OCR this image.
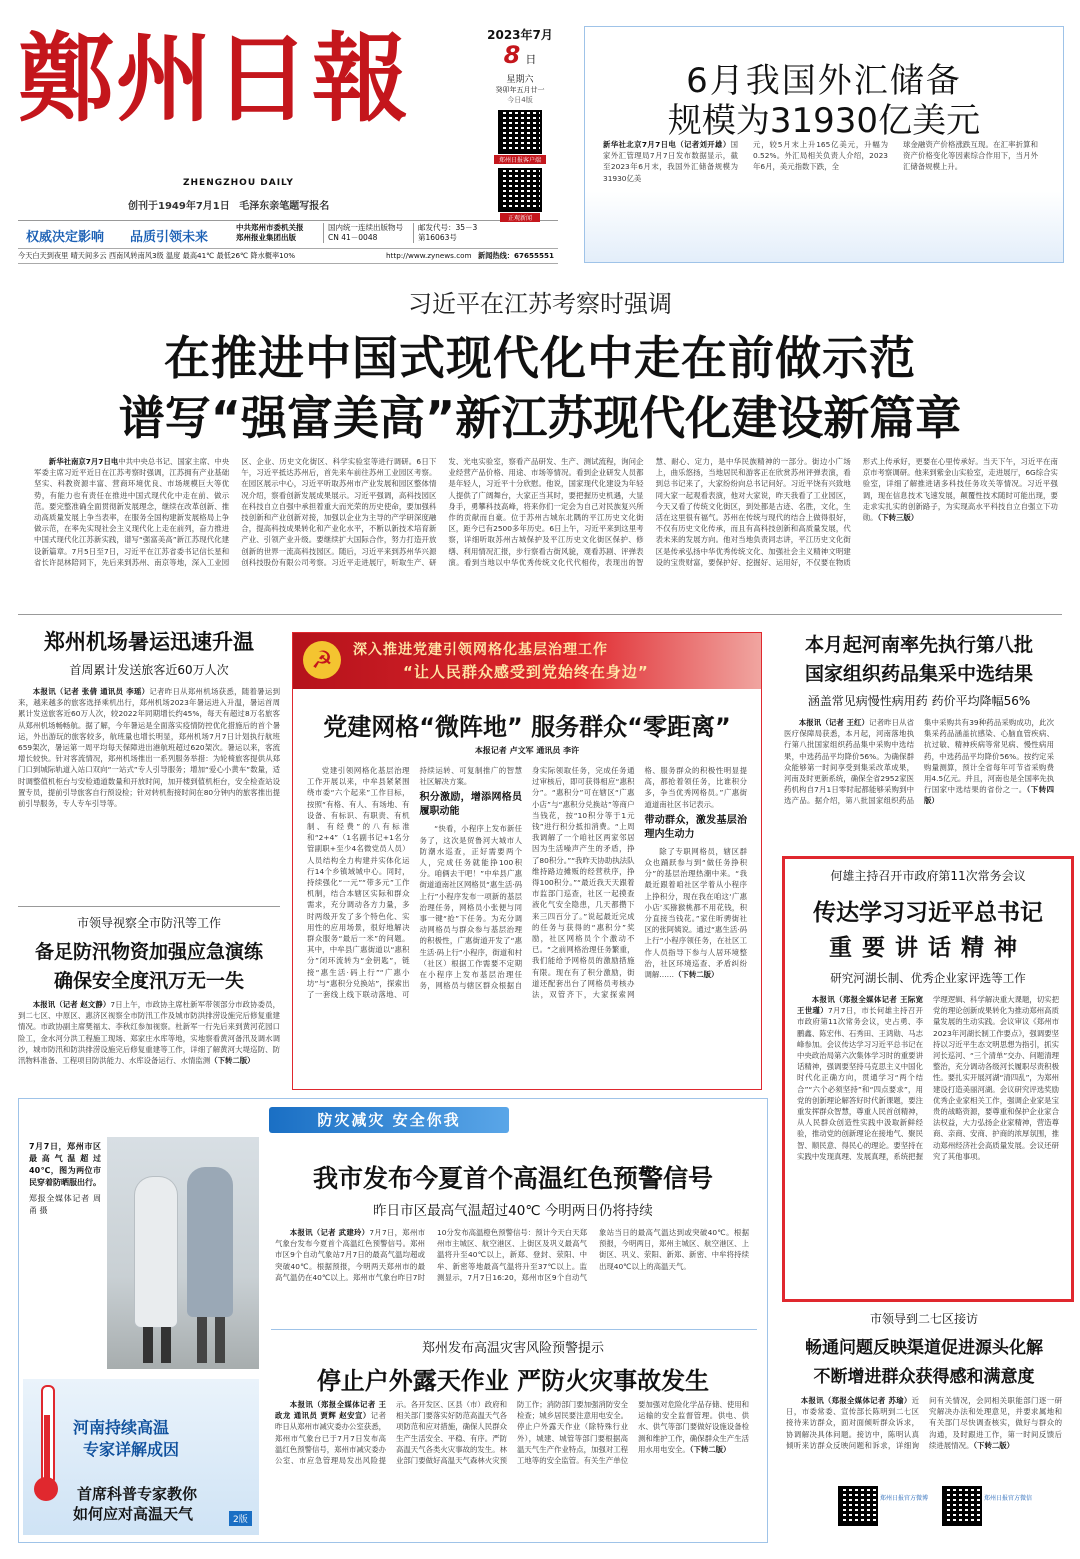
鄭 州 日 報
ZHENGZHOU DAILY
创刊于1949年7月1日 毛泽东亲笔题写报名
权威决定影响 品质引领未来
中共郑州市委机关报
郑州报业集团出版
国内统一连续出版物号
CN 41－0048
邮发代号：35－3
第16063号
2023年7月
8 日
星期六
癸卯年五月廿一
今日4版
郑州日报客户端
正观新闻
今天白天到夜里 晴天间多云 西南风转南风3级 温度 最高41℃ 最低26℃ 降水概率10%	http://www.zynews.com 新闻热线：67655551
6月我国外汇储备
规模为31930亿美元
新华社北京7月7日电（记者刘开雄）国家外汇管理局7月7日发布数据显示，截至2023年6月末，我国外汇储备规模为31930亿美
元，较5月末上升165亿美元，升幅为0.52%。外汇局相关负责人介绍，2023年6月，美元指数下跌，全
球金融资产价格涨跌互现。在汇率折算和资产价格变化等因素综合作用下，当月外汇储备规模上升。
习近平在江苏考察时强调
在推进中国式现代化中走在前做示范
谱写“强富美高”新江苏现代化建设新篇章

新华社南京7月7日电中共中央总书记、国家主席、中央军委主席习近平近日在江苏考察时强调，江苏拥有产业基础坚实、科教资源丰富、营商环境优良、市场规模巨大等优势，有能力也有责任在推进中国式现代化中走在前、做示范。要完整准确全面贯彻新发展理念，继续在改革创新、推动高质量发展上争当表率，在服务全国构建新发展格局上争做示范，在率先实现社会主义现代化上走在前列，奋力推进中国式现代化江苏新实践，谱写“强富美高”新江苏现代化建设新篇章。7月5日至7日，习近平在江苏省委书记信长星和省长许昆林陪同下，先后来到苏州、南京等地，深入工业园区、企业、历史文化街区、科学实验室等进行调研。6日下午，习近平抵达苏州后，首先来车前往苏州工业园区考察。在园区展示中心，习近平听取苏州市产业发展和园区整体情况介绍，察看创新发展成果展示。习近平强调，高科技园区在科技自立自强中承担着重大而光荣的历史使命，要加强科技创新和产业创新对接，加强以企业为主导的产学研深度融合，提高科技成果转化和产业化水平，不断以新技术培育新产业、引领产业升级。要继续扩大国际合作，努力打造开放创新的世界一流高科技园区。随后，习近平来到苏州华兴源创科技股份有限公司考察。习近平走进展厅，听取生产、研发、光电实验室，察看产品研发、生产、测试流程，询问企业经营产品价格、用途、市场等情况。看到企业研发人员都是年轻人，习近平十分欣慰。他说，国家现代化建设为年轻人提供了广阔舞台，大家正当其时，要把握历史机遇，大显身手，勇攀科技高峰，将来你们一定会为自己对民族复兴所作的贡献而自豪。位于苏州古城东北隅的平江历史文化街区，距今已有2500多年历史。6日上午，习近平来到这里考察，详细听取苏州古城保护及平江历史文化街区保护、修缮、利用情况汇报，步行察看古街风貌，观看苏剧、评弹表演。看到当地以中华优秀传统文化代代相传，表现出的智慧、耐心、定力，是中华民族精神的一部分。街边小广场上，曲乐悠扬，当地居民和游客正在欣赏苏州评弹表演，看到总书记来了，大家纷纷向总书记问好。习近平饶有兴致地同大家一起观看表演，他对大家说，昨天我看了工业园区，今天又看了传统文化街区，到处都是古迹、名胜，文化，生活在这里很有福气。苏州在传统与现代的结合上做得很好，不仅有历史文化传承，而且有高科技创新和高质量发展，代表未来的发展方向。他对当地负责同志讲，平江历史文化街区是传承弘扬中华优秀传统文化、加强社会主义精神文明建设的宝贵财富，要保护好、挖掘好、运用好，不仅要在物质形式上传承好，更要在心里传承好。当天下午，习近平在南京市考察调研。他来到紫金山实验室，走进展厅，6G综合实验室，详细了解推进诸多科技任务攻关等情况。习近平强调，现在信息技术飞速发展，颠覆性技术随时可能出现，要走求实扎实的创新路子，为实现高水平科技自立自强立下功勋。（下转三版）

郑州机场暑运迅速升温
首周累计发送旅客近60万人次

本报讯（记者 张倩 通讯员 李瑶）记者昨日从郑州机场获悉，随着暑运到来，越来越多的旅客选择乘机出行，郑州机场2023年暑运进入升温，暑运首周累计发送旅客近60万人次，较2022年同期增长约45%，每天有超过8万名旅客从郑州机场畅畅航。据了解，今年暑运是全面落实疫情防控优化措施后的首个暑运，外出游玩的旅客较多，航班量也增长明显，郑州机场7月7日计划执行航班659架次，暑运第一周平均每天保障进出港航班超过620架次。暑运以来，客流增长较快。针对客流情况，郑州机场推出一系列服务举措：为轮椅旅客提供从郑门口到城际轨道入站口双向“一站式”专人引导服务；增加“爱心小黄车”数量，适时调整值机柜台与安检通道数量和开放时间，加开楼到值机柜台，安全检查站设置专员，提前引导旅客自行预设检；针对转机衔接时间在80分钟内的旅客推出提前引导服务，专人专车引导等。

市领导视察全市防汛等工作
备足防汛物资加强应急演练
确保安全度汛万无一失

本报讯（记者 赵文静）7日上午，市政协主席杜新军带领部分市政协委员，到二七区、中原区、惠济区视察全市防汛工作及城市防洪排涝设施完后修复重建情况。市政协副主席樊福太、李秋红参加视察。杜新军一行先后来到黄河花园口险工，金水河分洪工程施工现场、郑家庄水库等地，实地察看黄河备汛及调水调沙，城市防汛和防洪排涝设施完后修复重建等工作，详细了解黄河大堤巡防、防汛物料准备、工程项目防洪能力、水库设备运行、水情监测（下转二版）

☭	深入推进党建引领网格化基层治理工作
“让人民群众感受到党始终在身边”
党建网格“微阵地” 服务群众“零距离”
本报记者 卢文军 通讯员 李许

党建引领网格化基层治理工作开展以来，中牟县紧紧围绕市委“六个起来”工作目标，按照“有格、有人、有场地、有设备、有标识、有职责、有机制、有经费”的八有标准和“2+4”（1名副书记+1名分管副职+至少4名微党员人员）人员结构全力构建并实体化运行14个乡镇域城中心。同时，持续强化“一元”“带多元”工作机制，结合本辖区实际和群众需求，充分调动各方力量，多时两级开发了多个特色化、实用性的应用场景，很好地解决群众服务“最后一米”的问题。其中，中牟县广惠街道以“惠积分”闭环流转为“金钥匙”，链接“惠生活·码上行”“广惠小坊”与“惠积分兑换站”，探索出了一套线上线下联动落地、可持续运转、可复制推广的智慧社区解决方案。

积分激励，增添网格员履职动能

“快看，小程序上发布新任务了，这次是贸鲁河大城市人防潮水巡查，正好需要两个人，完成任务就能挣100积分。咱俩去干吧！”中牟县广惠街道道南社区网格员“惠生活·码上行”小程序发布一项新的基层治理任务，网格员小张便与同事一键“抢”下任务。为充分调动网格员与群众参与基层治理的积极性，广惠街道开发了“惠生活·码上行”小程序，街道和村（社区）根据工作需要不定期在小程序上发布基层治理任务，网格员与辖区群众根据自身实际领取任务，完成任务通过审核后，即可获得相应“惠积分”。“惠积分”可在辖区“广惠小店”与“惠积分兑换站”等商户当钱花，按“10积分等于1元钱”进行积分抵扣消费。“上周我调解了一个咱社区两家邻居因为生活噪声产生的矛盾，挣了80积分。”“我昨天协助执法队维持路边摊贩的经营秩序，挣得100积分。”“最近我天天跟着市监部门巡查，社区一起摸查液化气安全隐患，几天都攒下来三四百分了。”说起最近完成的任务与获得的“惠积分”奖励，社区网格员个个激动不已。“之前网格治理任务繁重，我们能给予网格员的激励措施有限。现在有了积分激励，街道还配套出台了网格员考核办法，双管齐下，大家探索网格、服务群众的积极性明显提高，都抢着领任务，比谁积分多，争当优秀网格员。”广惠街道道南社区书记表示。

带动群众，激发基层治理内生动力

除了专职网格员，辖区群众也踊跃参与到“做任务挣积分”的基层治理热潮中来。“我最近跟着咱社区学着从小程序上挣积分，现在我在咱这‘广惠小店’买猕猴桃都不用花钱，积分直接当钱花。”家住昕骋街社区的张阿姨说。通过“惠生活·码上行”小程序领任务，在社区工作人员指导下参与人居环境整治，社区环境巡查、矛盾纠纷调解……（下转二版）

本月起河南率先执行第八批
国家组织药品集采中选结果
涵盖常见病慢性病用药 药价平均降幅56%

本报讯（记者 王红）记者昨日从省医疗保障局获悉，本月起，河南落地执行第八批国家组织药品集中采购中选结果，中选药品平均降价56%。为确保群众能够第一时间享受到集采改革成果，河南及时更新系统，确保全省2952家医药机构自7月1日零时起都能够采购到中选产品。据介绍，第八批国家组织药品集中采购共有39种药品采购成功，此次集采药品涵盖抗感染、心脑血管疾病、抗过敏、精神疾病等常见病、慢性病用药，中选药品平均降价56%。按约定采购量测算，预计全省每年可节省采购费用4.5亿元。并且，河南也是全国率先执行国家中选结果的省份之一。（下转四版）

何雄主持召开市政府第11次常务会议
传达学习习近平总书记
重要讲话精神
研究河湖长制、优秀企业家评选等工作

本报讯（郑报全媒体记者 王际宽 王世瑾）7月7日，市长何雄主持召开市政府第11次常务会议，史占勇、李鹏鑫、陈宏伟、石秀田、王鸿勋、马志峰参加。会议传达学习习近平总书记在中央政治局第六次集体学习时的重要讲话精神，强调要坚持马克思主义中国化时代化正确方向，贯通学习“两个结合”“六个必须坚持”和“四点要求”，用党的创新理论解答好时代新课题，要注重发挥群众智慧，尊重人民首创精神，从人民群众创造性实践中汲取新鲜经验，推动党的创新理论在接地气、聚民智、顺民意、得民心的理论。要坚持在实践中发现真理、发展真理，系统把握学理逻辑、科学解决重大课题，切实把党的理论创新成果转化为推动郑州高质量发展的生动实践。会议审议《郑州市2023年河湖长制工作要点》，强调要坚持以习近平生态文明思想为指引，抓实河长巡河、“三个清单”交办、问题清理整治，充分调动各级河长履职尽责积极性。要扎实开展河湖“清四乱”，为郑州建设打造美丽河湖。会议研究评选奖励优秀企业家相关工作，强调企业家是宝贵的战略资源，要尊重和保护企业家合法权益，大力弘扬企业家精神，营造尊商、亲商、安商、护商的浓厚氛围，推动郑州经济社会高质量发展。会议还研究了其他事项。

防灾减灾 安全你我

7月7日，郑州市区最高气温超过40℃，图为两位市民穿着防晒服出行。

郑报全媒体记者 周甬 摄

我市发布今夏首个高温红色预警信号
昨日市区最高气温超过40℃ 今明两日仍将持续

本报讯（记者 武建玲）7月7日，郑州市气象台发布今夏首个高温红色预警信号。郑州市区9个自动气象站7月7日的最高气温均超或突破40℃。根据预报，今明两天郑州市的最高气温仍在40℃以上。郑州市气象台昨日7时10分发布高温橙色预警信号：预计今天白天郑州市主城区、航空港区、上街区及巩义最高气温将升至40℃以上，新郑、登封、荥阳、中牟、新密等地最高气温将升至37℃以上。监测显示，7月7日16:20，郑州市区9个自动气象站当日的最高气温达到或突破40℃。根据预报，今明两日，郑州主城区、航空港区、上街区、巩义、荥阳、新郑、新密、中牟将持续出现40℃以上的高温天气。

郑州发布高温灾害风险预警提示
停止户外露天作业 严防火灾事故发生

本报讯（郑报全媒体记者 王政龙 通讯员 贾辉 赵安宣）记者昨日从郑州市减灾委办公室获悉，郑州市气象台已于7月7日发布高温红色预警信号，郑州市减灾委办公室、市应急管理局发出风险提示。各开发区、区县（市）政府和相关部门要落实好防范高温天气各项防范和应对措施，确保人民群众生产生活安全、平稳、有序。严防高温天气各类火灾事故的发生。林业部门要做好高温天气森林火灾预防工作；消防部门要加强消防安全检查；城乡居民要注意用电安全。停止户外露天作业（除特殊行业外），城建、城管等部门要根据高温天气生产作业特点，加强对工程工地等的安全监管。有关生产单位要加强对危险化学品存储、使用和运输的安全监督管理。供电、供水、供气等部门要做好设施设备检测和维护工作，确保群众生产生活用水用电安全。（下转二版）

河南持续高温
专家详解成因
首席科普专家教你
如何应对高温天气	2版
市领导到二七区接访
畅通问题反映渠道促进源头化解
不断增进群众获得感和满意度

本报讯（郑报全媒体记者 苏瑜）近日，市委常委、宣传部长陈明到二七区接待来访群众，面对面倾听群众诉求，协调解决具体问题。接访中，陈明认真倾听来访群众反映问题和诉求，详细询问有关情况，会同相关职能部门逐一研究解决办法和处理意见，并要求属地和有关部门尽快调查核实，做好与群众的沟通，及时跟进工作，第一时间反馈后续进展情况。（下转二版）

郑州日报官方微博	郑州日报官方微信
